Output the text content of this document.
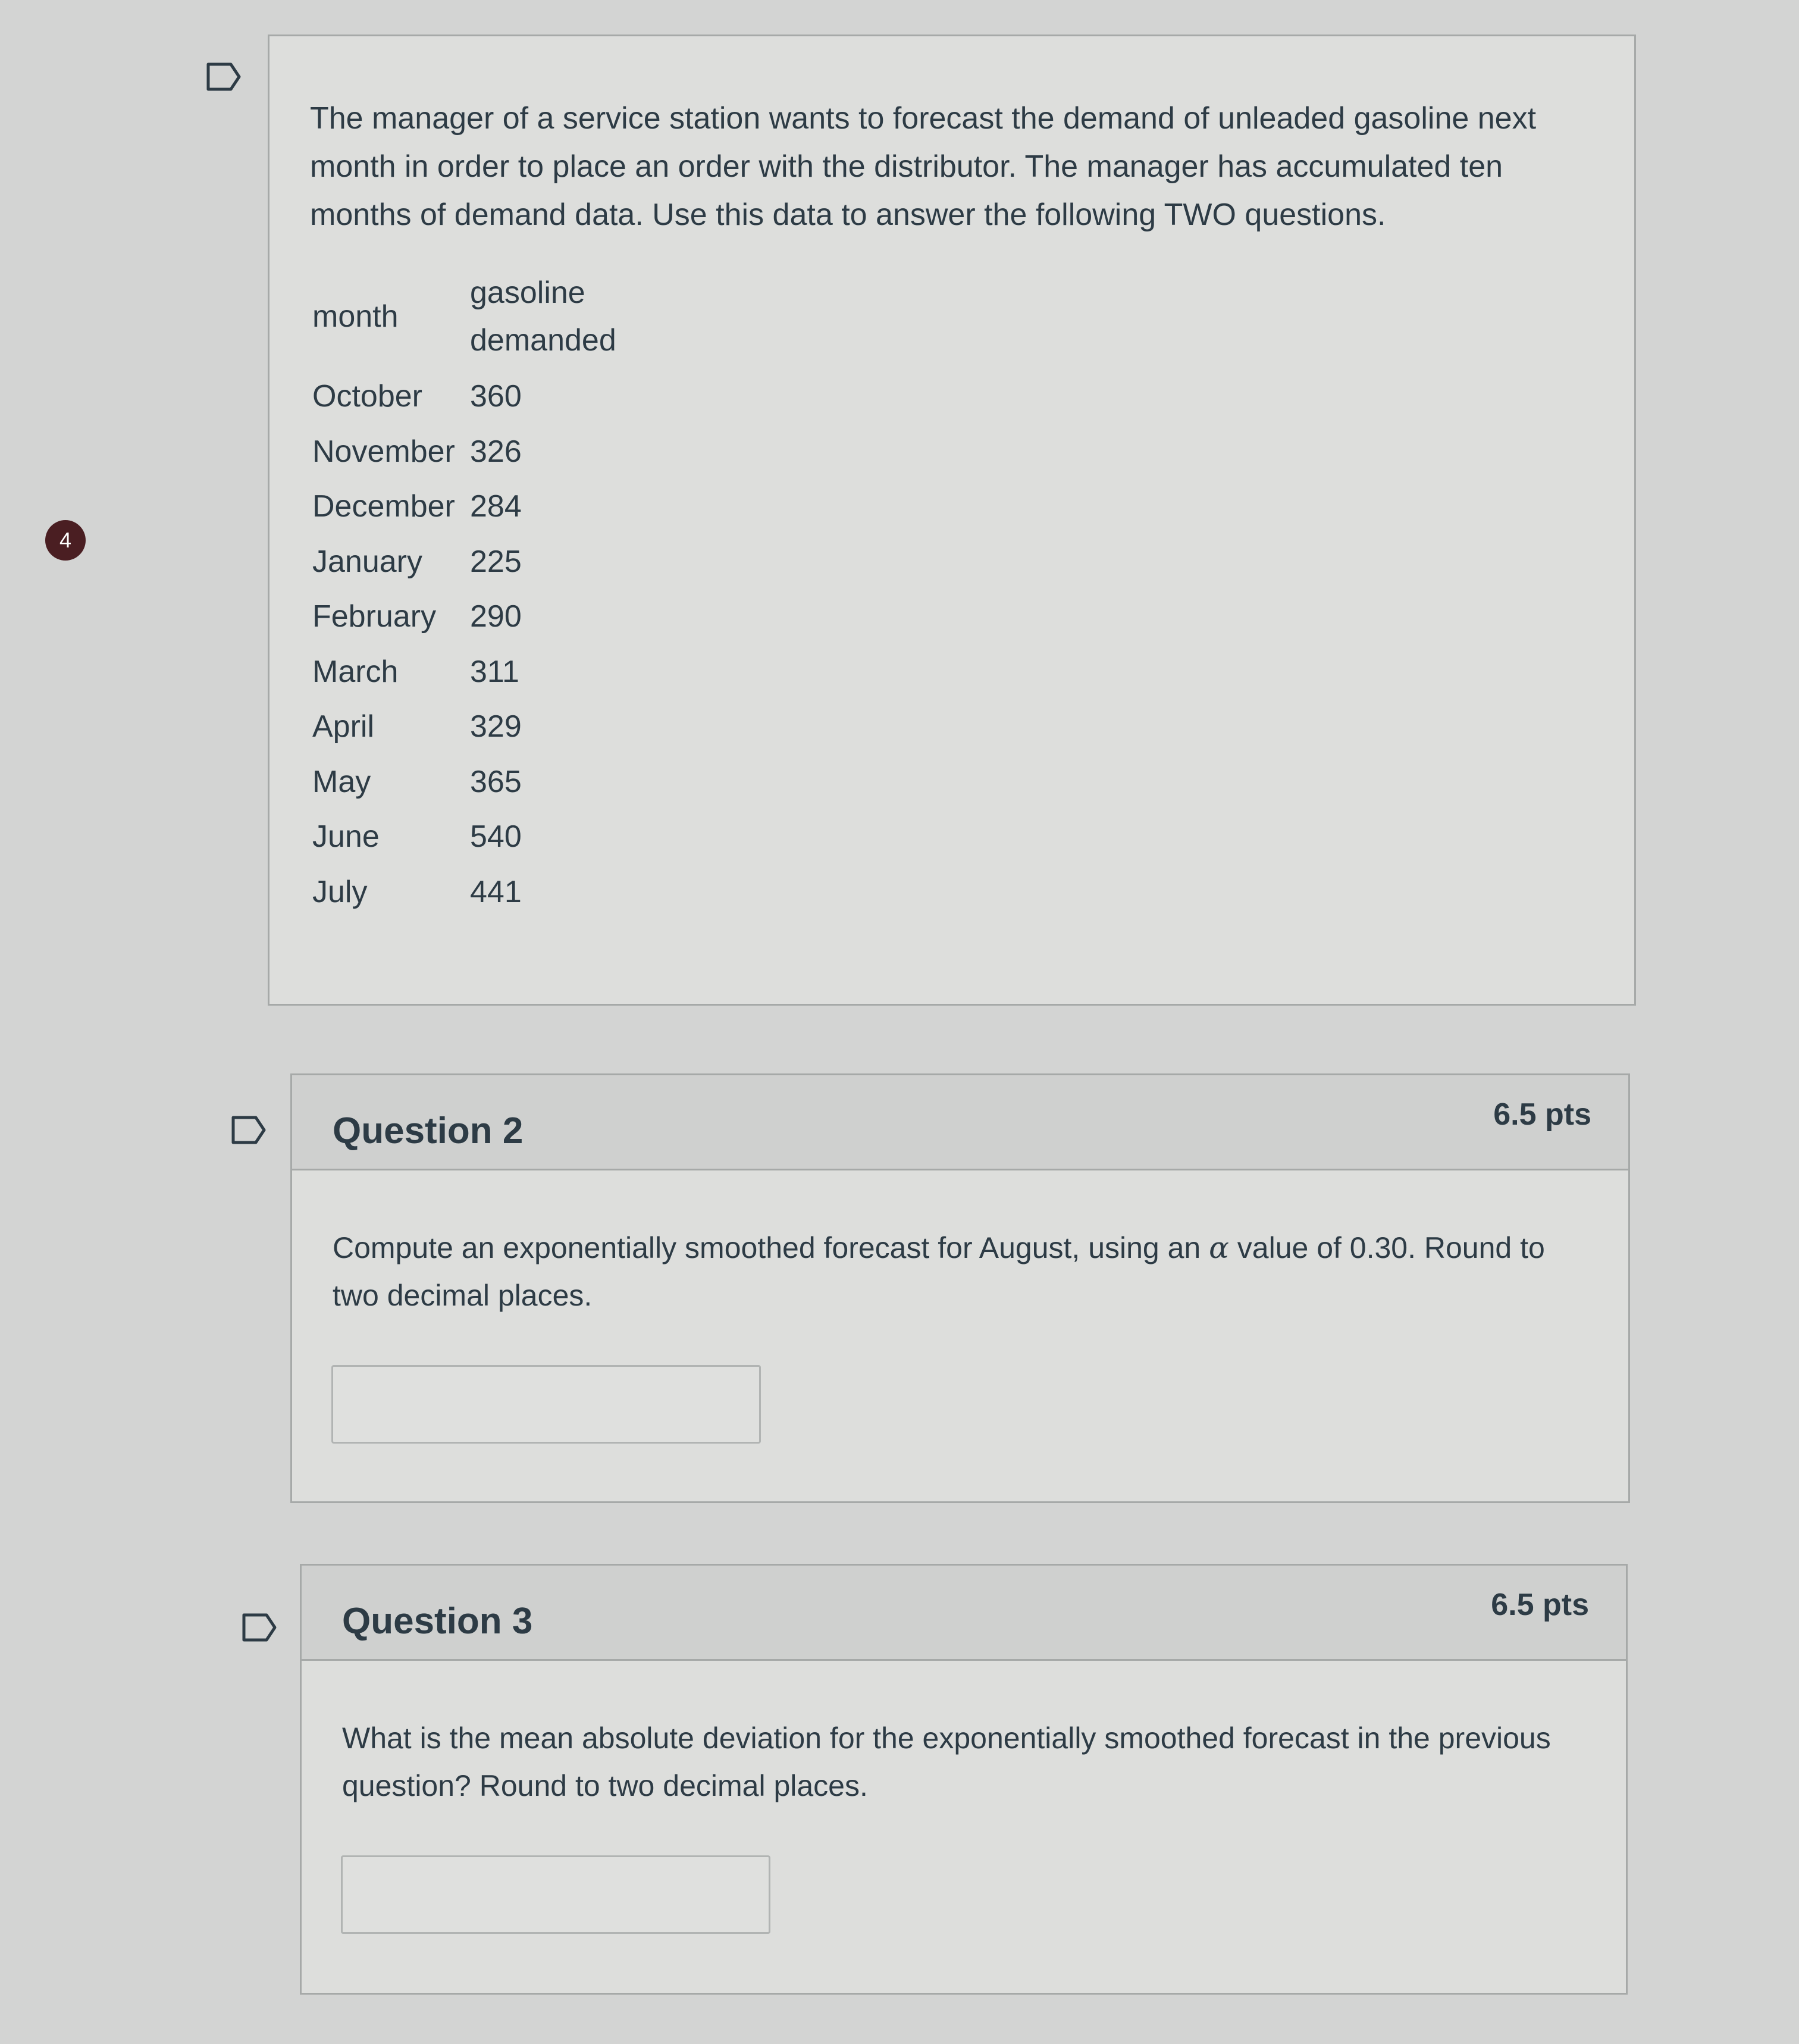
4

The manager of a service station wants to forecast the demand of unleaded gasoline next month in order to place an order with the distributor. The manager has accumulated ten months of demand data. Use this data to answer the following TWO questions.

month	gasoline demanded
October	360
November	326
December	284
January	225
February	290
March	311
April	329
May	365
June	540
July	441
Question 2	6.5 pts
Compute an exponentially smoothed forecast for August, using an α value of 0.30. Round to two decimal places.
Question 3	6.5 pts
What is the mean absolute deviation for the exponentially smoothed forecast in the previous question? Round to two decimal places.
